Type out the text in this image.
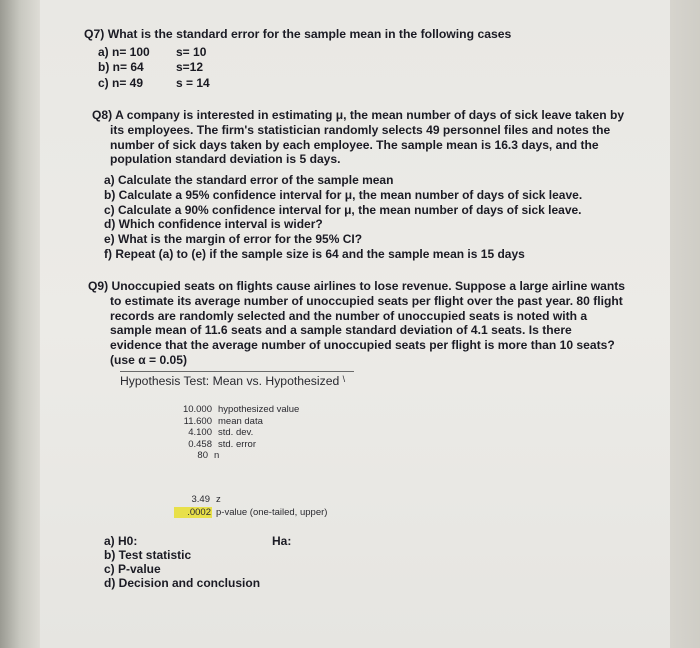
Q7) What is the standard error for the sample mean in the following cases
a) n= 100 s= 10
b) n= 64	s=12
c) n= 49	s = 14
Q8) A company is interested in estimating μ, the mean number of days of sick leave taken by
its employees. The firm's statistician randomly selects 49 personnel files and notes the
number of sick days taken by each employee. The sample mean is 16.3 days, and the
population standard deviation is 5 days.
a) Calculate the standard error of the sample mean
b) Calculate a 95% confidence interval for μ, the mean number of days of sick leave.
c) Calculate a 90% confidence interval for μ, the mean number of days of sick leave.
d) Which confidence interval is wider?
e) What is the margin of error for the 95% CI?
f) Repeat (a) to (e) if the sample size is 64 and the sample mean is 15 days
Q9) Unoccupied seats on flights cause airlines to lose revenue. Suppose a large airline wants
to estimate its average number of unoccupied seats per flight over the past year. 80 flight
records are randomly selected and the number of unoccupied seats is noted with a
sample mean of 11.6 seats and a sample standard deviation of 4.1 seats. Is there
evidence that the average number of unoccupied seats per flight is more than 10 seats?
(use α = 0.05)
Hypothesis Test: Mean vs. Hypothesized \
10.000 hypothesized value
11.600 mean data
4.100 std. dev.
0.458 std. error
80 n
3.49 z
.0002 p-value (one-tailed, upper)
a) H0:	Ha:
b) Test statistic
c) P-value
d) Decision and conclusion
